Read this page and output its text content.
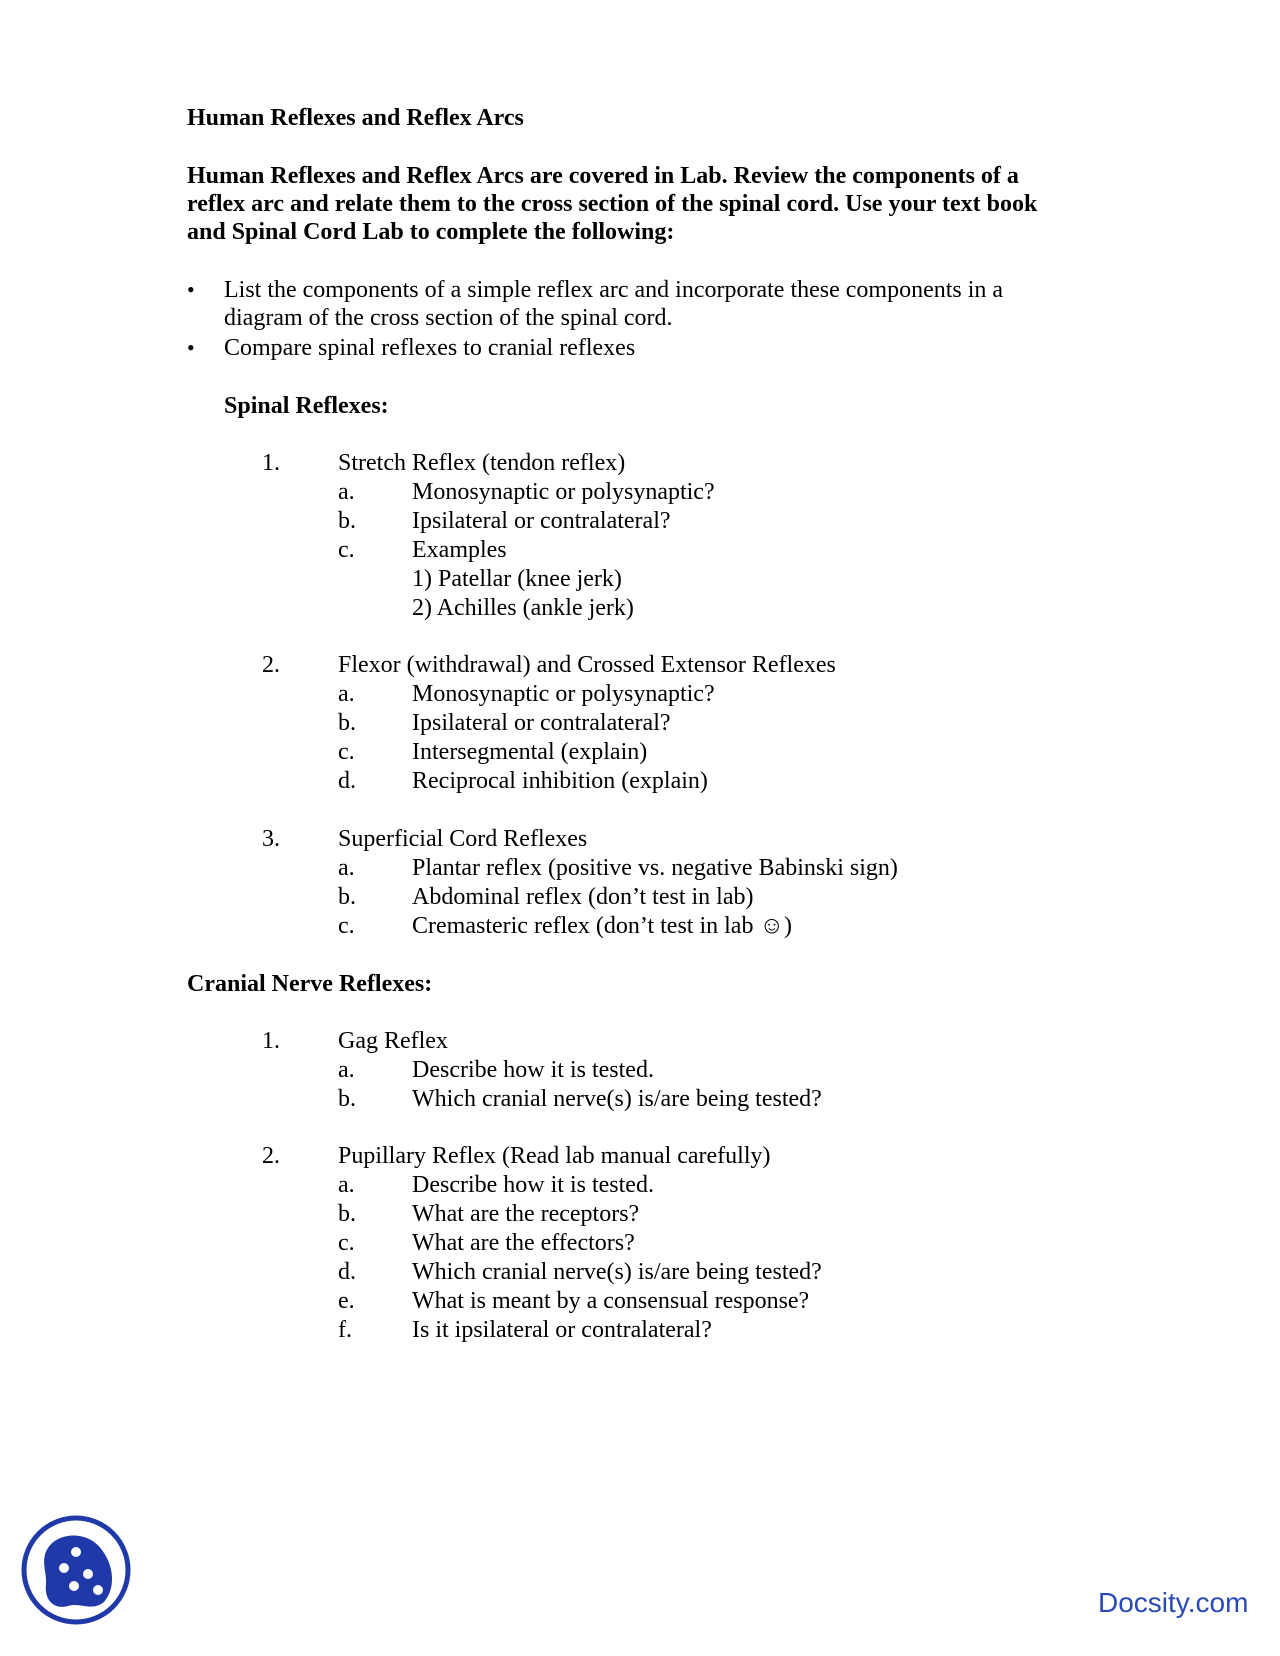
Human Reflexes and Reflex Arcs
Human Reflexes and Reflex Arcs are covered in Lab. Review the components of a
reflex arc and relate them to the cross section of the spinal cord. Use your text book
and Spinal Cord Lab to complete the following:
• List the components of a simple reflex arc and incorporate these components in a
diagram of the cross section of the spinal cord.
• Compare spinal reflexes to cranial reflexes
Spinal Reflexes:
1. Stretch Reflex (tendon reflex)
a. Monosynaptic or polysynaptic?
b. Ipsilateral or contralateral?
c. Examples
1) Patellar (knee jerk)
2) Achilles (ankle jerk)
2. Flexor (withdrawal) and Crossed Extensor Reflexes
a. Monosynaptic or polysynaptic?
b. Ipsilateral or contralateral?
c. Intersegmental (explain)
d. Reciprocal inhibition (explain)
3. Superficial Cord Reflexes
a. Plantar reflex (positive vs. negative Babinski sign)
b. Abdominal reflex (don’t test in lab)
c. Cremasteric reflex (don’t test in lab ☺)
Cranial Nerve Reflexes:
1. Gag Reflex
a. Describe how it is tested.
b. Which cranial nerve(s) is/are being tested?
2. Pupillary Reflex (Read lab manual carefully)
a. Describe how it is tested.
b. What are the receptors?
c. What are the effectors?
d. Which cranial nerve(s) is/are being tested?
e. What is meant by a consensual response?
f.	Is it ipsilateral or contralateral?
Docsity.com
